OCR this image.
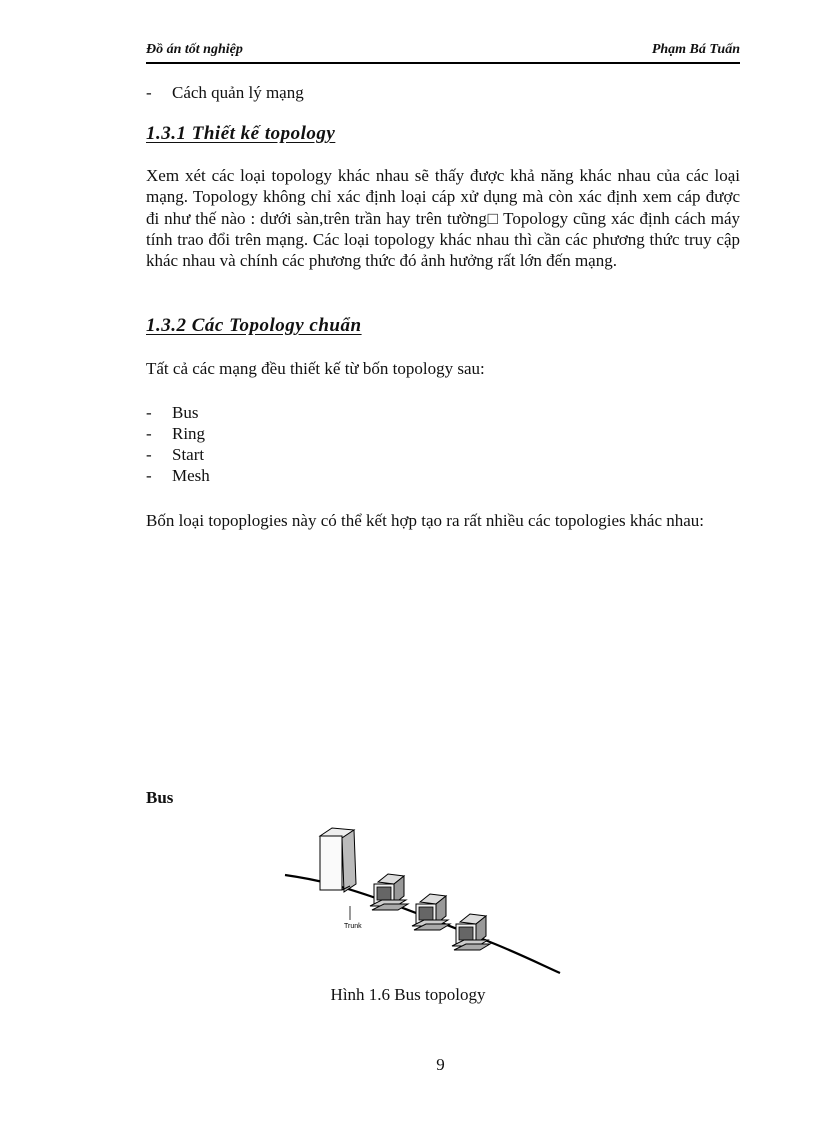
Đồ án tốt nghiệp	Phạm Bá Tuấn
- Cách quản lý mạng
1.3.1 Thiết kế topology

Xem xét các loại topology khác nhau sẽ thấy được khả năng khác nhau của các loại mạng. Topology không chỉ xác định loại cáp xử dụng mà còn xác định xem cáp được đi như thế nào : dưới sàn,trên trần hay trên tường□ Topology cũng xác định cách máy tính trao đổi trên mạng. Các loại topology khác nhau thì cần các phương thức truy cập khác nhau và chính các phương thức đó ảnh hưởng rất lớn đến mạng.

1.3.2 Các Topology chuẩn
Tất cả các mạng đều thiết kế từ bốn topology sau:
- Bus
- Ring
- Start
- Mesh

Bốn loại topoplogies này có thể kết hợp tạo ra rất nhiều các topologies khác nhau:

Bus
Trunk
Hình 1.6 Bus topology
9
